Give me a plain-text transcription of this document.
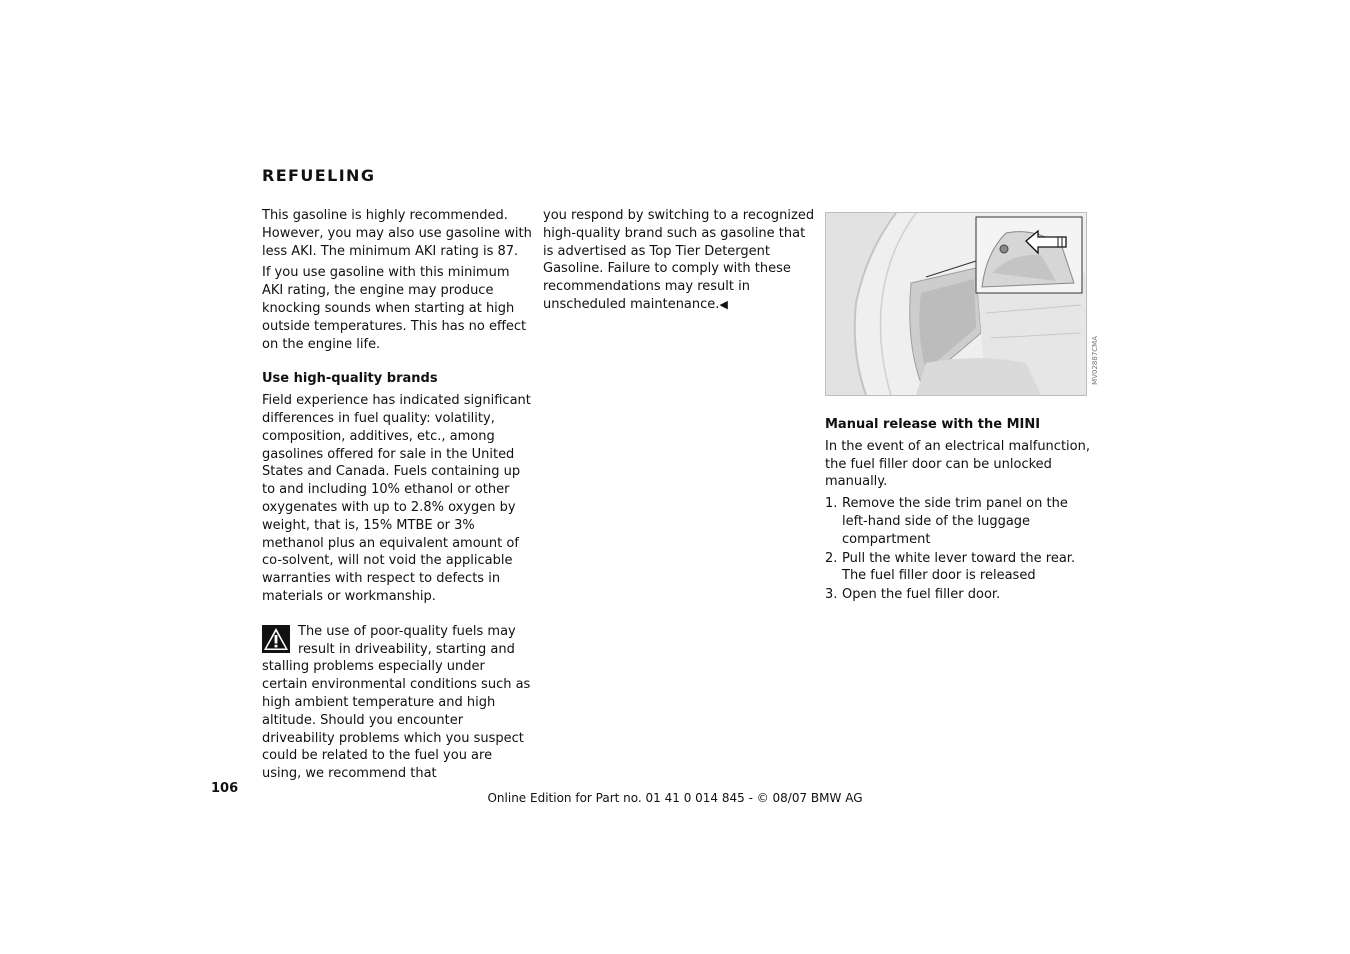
REFUELING

This gasoline is highly recommended. However, you may also use gasoline with less AKI. The minimum AKI rating is 87.

If you use gasoline with this minimum AKI rating, the engine may produce knocking sounds when starting at high outside temperatures. This has no effect on the engine life.

Use high-quality brands

Field experience has indicated significant differences in fuel quality: volatility, composition, additives, etc., among gasolines offered for sale in the United States and Canada. Fuels containing up to and including 10% ethanol or other oxygenates with up to 2.8% oxygen by weight, that is, 15% MTBE or 3% methanol plus an equivalent amount of co-solvent, will not void the applicable warranties with respect to defects in materials or workmanship.

The use of poor-quality fuels may result in driveability, starting and stalling problems especially under certain environmental conditions such as high ambient temperature and high altitude. Should you encounter driveability problems which you suspect could be related to the fuel you are using, we recommend that

you respond by switching to a recognized high-quality brand such as gasoline that is advertised as Top Tier Detergent Gasoline. Failure to comply with these recommendations may result in unscheduled maintenance.◀

MV02887CMA
Manual release with the MINI

In the event of an electrical malfunction, the fuel filler door can be unlocked manually.

1. Remove the side trim panel on the left-hand side of the luggage compartment
2. Pull the white lever toward the rear. The fuel filler door is released
3. Open the fuel filler door.
106
Online Edition for Part no. 01 41 0 014 845 - © 08/07 BMW AG
